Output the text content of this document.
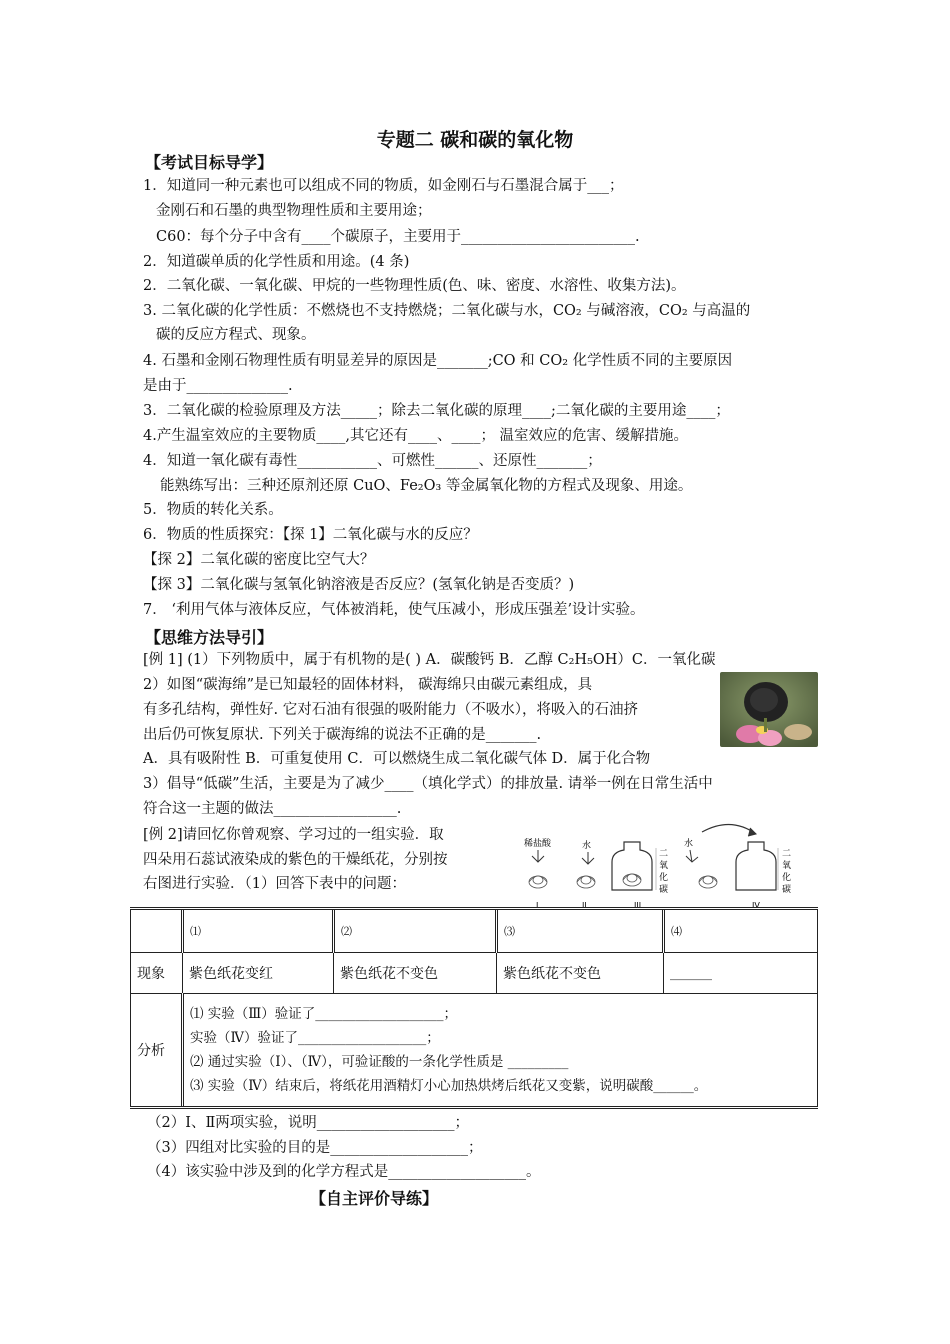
专题二 碳和碳的氧化物
【考试目标导学】
1．知道同一种元素也可以组成不同的物质，如金刚石与石墨混合属于___；
金刚石和石墨的典型物理性质和主要用途；
C60：每个分子中含有____个碳原子，主要用于________________________.
2．知道碳单质的化学性质和用途。(4 条)
2．二氧化碳、一氧化碳、甲烷的一些物理性质(色、味、密度、水溶性、收集方法)。
3. 二氧化碳的化学性质：不燃烧也不支持燃烧；二氧化碳与水，CO₂ 与碱溶液，CO₂ 与高温的
碳的反应方程式、现象。
4. 石墨和金刚石物理性质有明显差异的原因是_______;CO 和 CO₂ 化学性质不同的主要原因
是由于______________.
3．二氧化碳的检验原理及方法_____；除去二氧化碳的原理____;二氧化碳的主要用途____；
4.产生温室效应的主要物质____,其它还有____、____； 温室效应的危害、缓解措施。
4．知道一氧化碳有毒性___________、可燃性______、还原性_______；
能熟练写出：三种还原剂还原 CuO、Fe₂O₃ 等金属氧化物的方程式及现象、用途。
5．物质的转化关系。
6．物质的性质探究：【探 1】二氧化碳与水的反应？
【探 2】二氧化碳的密度比空气大？
【探 3】二氧化碳与氢氧化钠溶液是否反应？(氢氧化钠是否变质？)
7． ‘利用气体与液体反应，气体被消耗，使气压减小，形成压强差’设计实验。
【思维方法导引】
[例 1] (1）下列物质中，属于有机物的是( ) A．碳酸钙 B．乙醇 C₂H₅OH）C．一氧化碳
2）如图“碳海绵”是已知最轻的固体材料， 碳海绵只由碳元素组成，具
有多孔结构，弹性好. 它对石油有很强的吸附能力（不吸水），将吸入的石油挤
出后仍可恢复原状. 下列关于碳海绵的说法不正确的是_______.
A．具有吸附性 B．可重复使用 C．可以燃烧生成二氧化碳气体 D．属于化合物
3）倡导“低碳”生活，主要是为了减少____（填化学式）的排放量. 请举一例在日常生活中
符合这一主题的做法_________________.
[例 2]请回忆你曾观察、学习过的一组实验．取
四朵用石蕊试液染成的紫色的干燥纸花，分别按
右图进行实验．（1）回答下表中的问题：
稀盐酸	水
二
氧
化
碳
水
二
氧
化
碳
I	II	III	IV
	⑴	⑵	⑶	⑷
现象	紫色纸花变红	紫色纸花不变色	紫色纸花不变色	______
分析	⑴ 实验（Ⅲ）验证了___________________；
实验（Ⅳ）验证了___________________；
⑵ 通过实验（Ⅰ）、（Ⅳ），可验证酸的一条化学性质是 _________
⑶ 实验（Ⅳ）结束后，将纸花用酒精灯小心加热烘烤后纸花又变紫，说明碳酸______。			
（2）Ⅰ、Ⅱ两项实验，说明___________________；
（3）四组对比实验的目的是___________________；
（4）该实验中涉及到的化学方程式是___________________。
【自主评价导练】
